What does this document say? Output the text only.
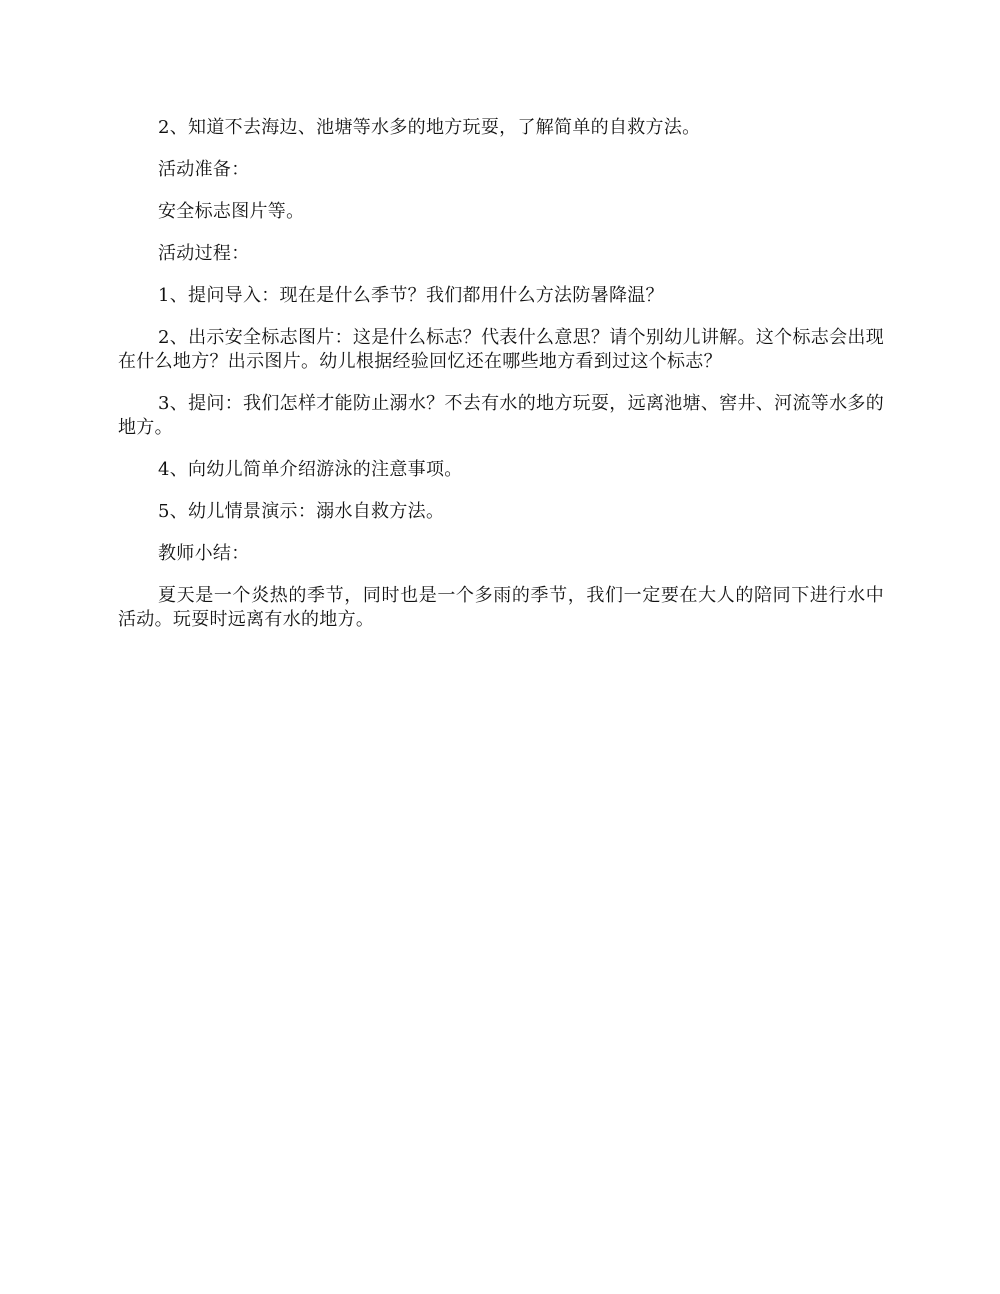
2、知道不去海边、池塘等水多的地方玩耍，了解简单的自救方法。

活动准备：

安全标志图片等。

活动过程：

1、提问导入：现在是什么季节？我们都用什么方法防暑降温？

2、出示安全标志图片：这是什么标志？代表什么意思？请个别幼儿讲解。这个标志会出现在什么地方？出示图片。幼儿根据经验回忆还在哪些地方看到过这个标志？

3、提问：我们怎样才能防止溺水？不去有水的地方玩耍，远离池塘、窖井、河流等水多的地方。

4、向幼儿简单介绍游泳的注意事项。

5、幼儿情景演示：溺水自救方法。

教师小结：

夏天是一个炎热的季节，同时也是一个多雨的季节，我们一定要在大人的陪同下进行水中活动。玩耍时远离有水的地方。
